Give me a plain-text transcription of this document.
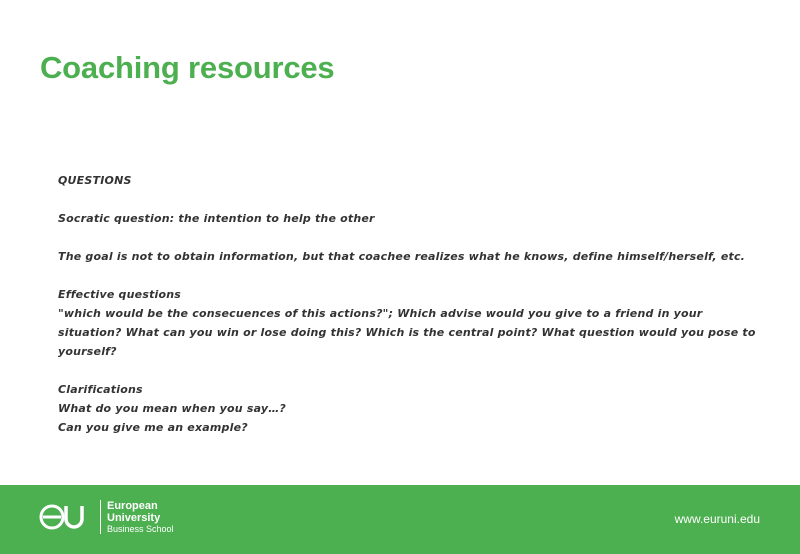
Coaching resources
QUESTIONS
Socratic question: the intention to help the other
The goal is not to obtain information, but that coachee realizes what he knows, define himself/herself, etc.
Effective questions
"which would be the consecuences of this actions?"; Which advise would you give to a friend in your
situation? What can you win or lose doing this? Which is the central point? What question would you pose to
yourself?
Clarifications
What do you mean when you say…?
Can you give me an example?
European
University
Business School
www.euruni.edu
